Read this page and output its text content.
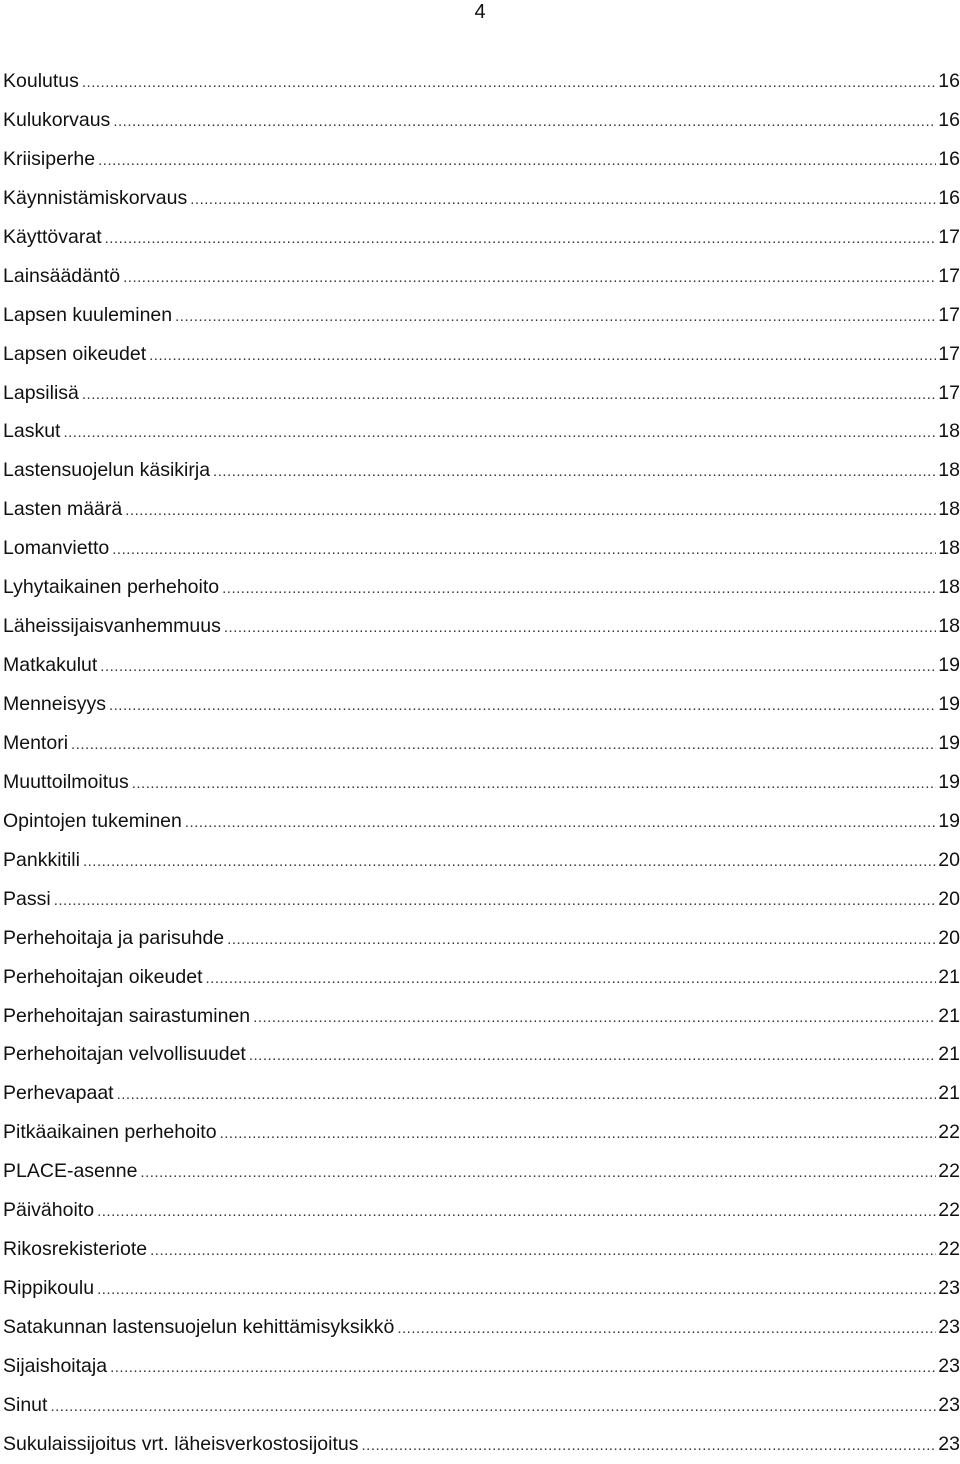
4
Koulutus .....	16
Kulukorvaus .....	16
Kriisiperhe .....	16
Käynnistämiskorvaus .....	16
Käyttövarat .....	17
Lainsäädäntö .....	17
Lapsen kuuleminen .....	17
Lapsen oikeudet .....	17
Lapsilisä .....	17
Laskut .....	18
Lastensuojelun käsikirja .....	18
Lasten määrä .....	18
Lomanvietto .....	18
Lyhytaikainen perhehoito .....	18
Läheissijaisvanhemmuus .....	18
Matkakulut .....	19
Menneisyys .....	19
Mentori .....	19
Muuttoilmoitus .....	19
Opintojen tukeminen .....	19
Pankkitili .....	20
Passi .....	20
Perhehoitaja ja parisuhde .....	20
Perhehoitajan oikeudet .....	21
Perhehoitajan sairastuminen .....	21
Perhehoitajan velvollisuudet .....	21
Perhevapaat .....	21
Pitkäaikainen perhehoito .....	22
PLACE-asenne .....	22
Päivähoito .....	22
Rikosrekisteriote .....	22
Rippikoulu .....	23
Satakunnan lastensuojelun kehittämisyksikkö .....	23
Sijaishoitaja .....	23
Sinut .....	23
Sukulaissijoitus vrt. läheisverkostosijoitus .....	23
